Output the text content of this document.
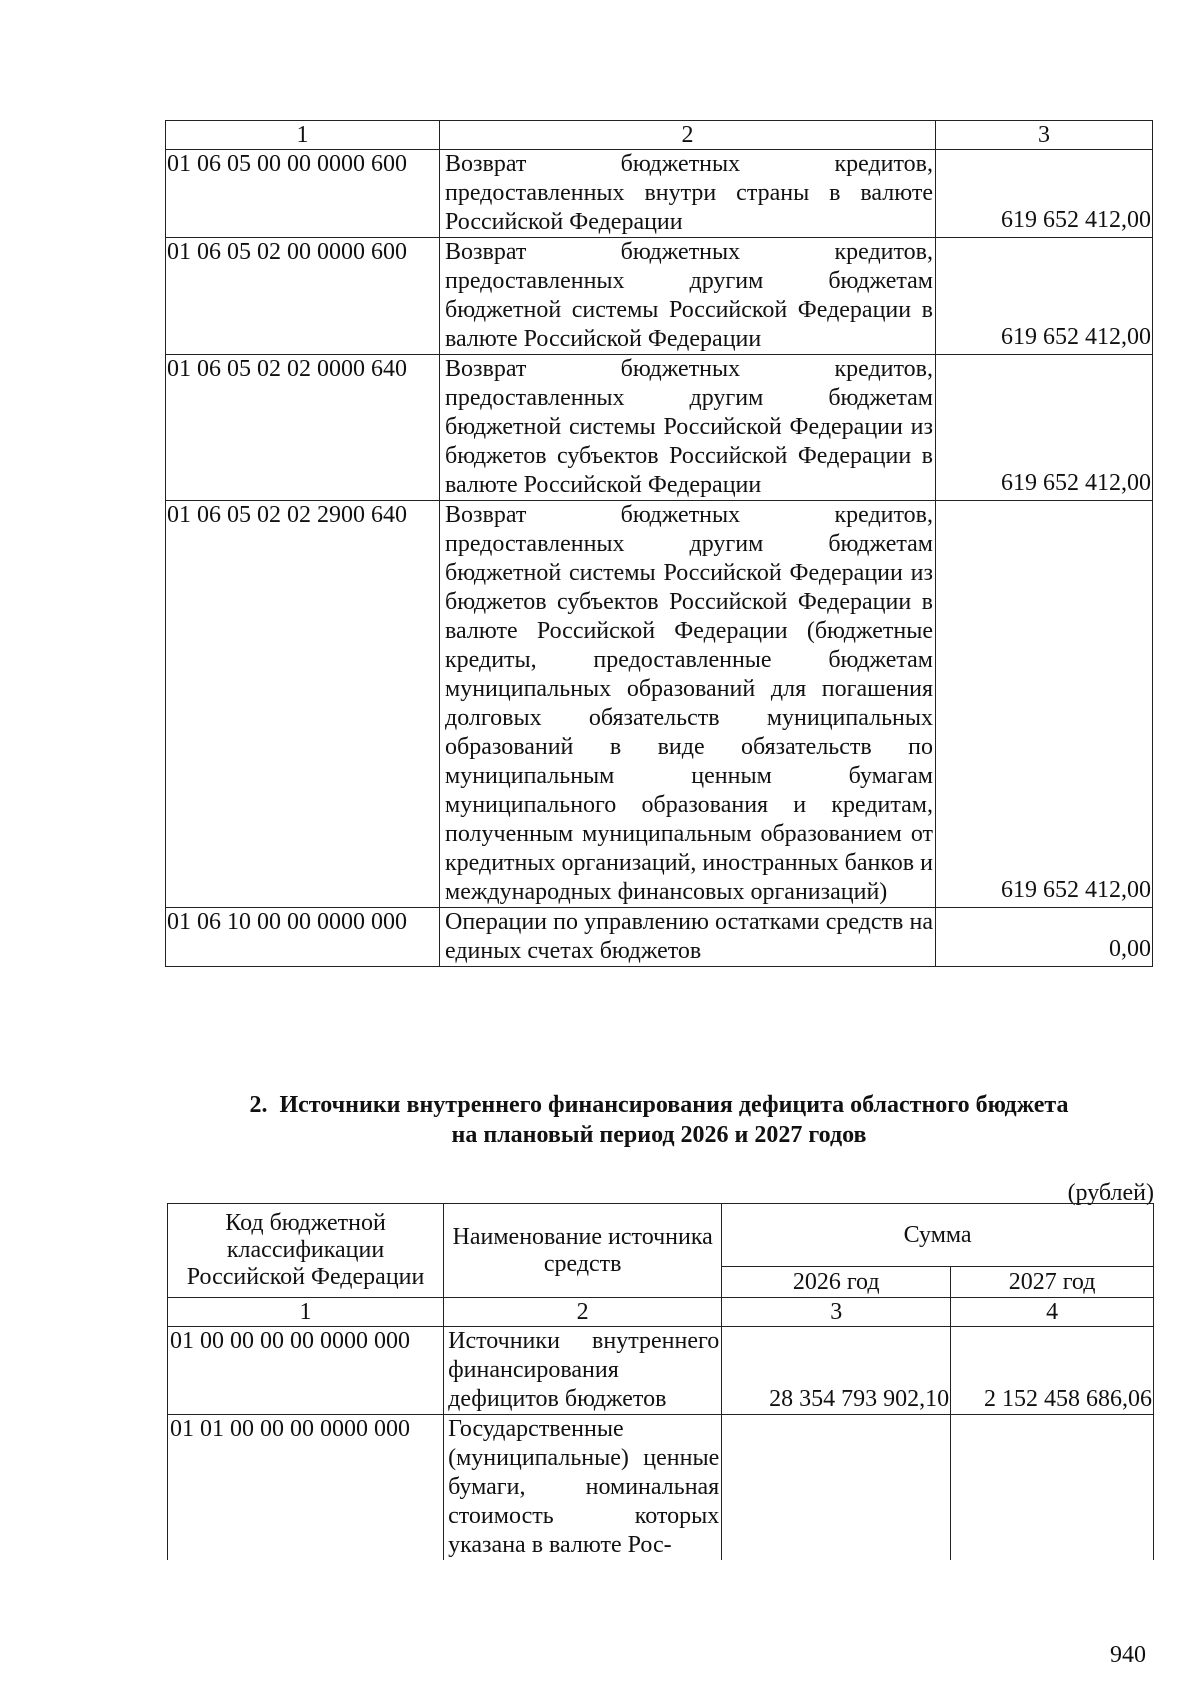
1	2	3
01 06 05 00 00 0000 600	Возврат бюджетных кредитов, предоставленных внутри страны в валюте Российской Федерации	619 652 412,00
01 06 05 02 00 0000 600	Возврат бюджетных кредитов, предоставленных другим бюджетам бюджетной системы Российской Федерации в валюте Российской Федерации	619 652 412,00
01 06 05 02 02 0000 640	Возврат бюджетных кредитов, предоставленных другим бюджетам бюджетной системы Российской Федерации из бюджетов субъектов Российской Федерации в валюте Российской Федерации	619 652 412,00
01 06 05 02 02 2900 640	Возврат бюджетных кредитов, предоставленных другим бюджетам бюджетной системы Российской Федерации из бюджетов субъектов Российской Федерации в валюте Российской Федерации (бюджетные кредиты, предоставленные бюджетам муниципальных образований для погашения долговых обязательств муниципальных образований в виде обязательств по муниципальным ценным бумагам муниципального образования и кредитам, полученным муниципальным образованием от кредитных организаций, иностранных банков и международных финансовых организаций)	619 652 412,00
01 06 10 00 00 0000 000	Операции по управлению остатками средств на единых счетах бюджетов	0,00
2. Источники внутреннего финансирования дефицита областного бюджета
на плановый период 2026 и 2027 годов
(рублей)
Код бюджетной классификации Российской Федерации	Наименование источника средств	Сумма	
		2026 год	2027 год
1	2	3	4
01 00 00 00 00 0000 000	Источники внутреннего финансирования дефицитов бюджетов	28 354 793 902,10	2 152 458 686,06
01 01 00 00 00 0000 000	Государственные (муниципальные) ценные бумаги, номинальная стоимость которых указана в валюте Рос-		
940
